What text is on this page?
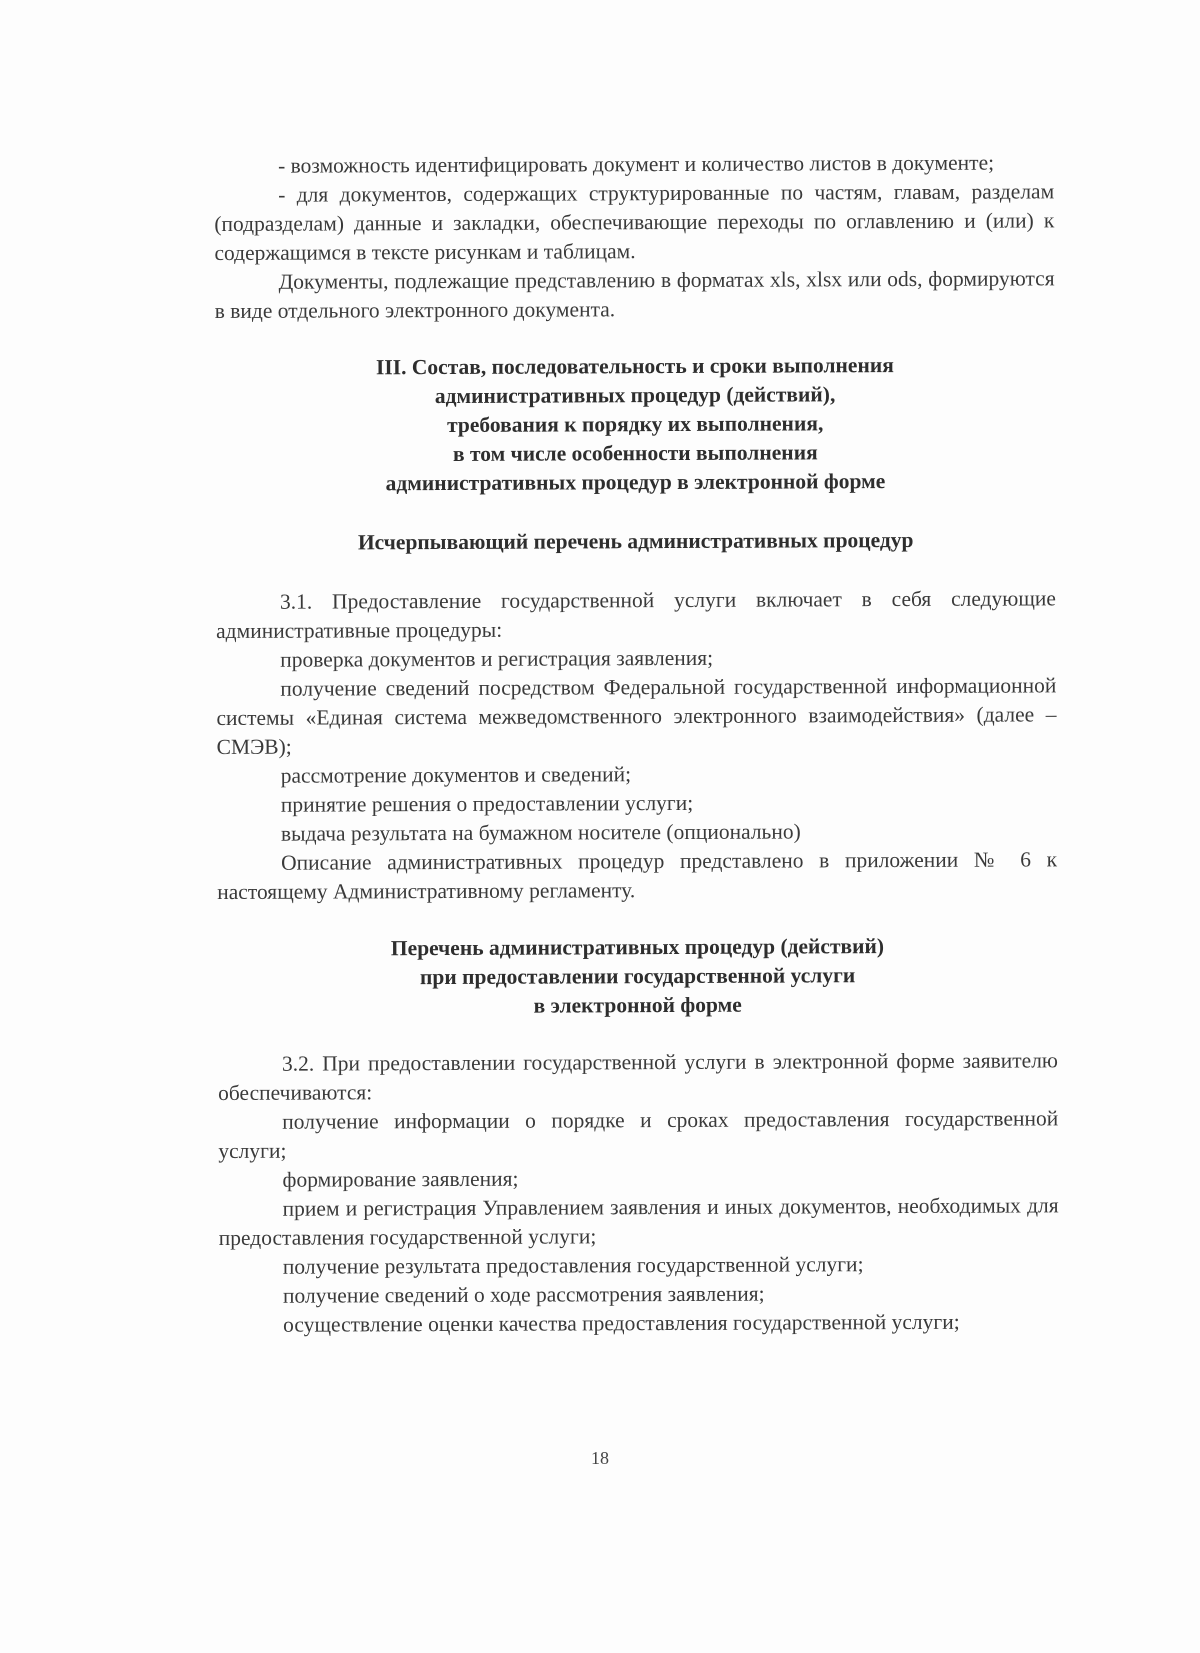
- возможность идентифицировать документ и количество листов в документе;

- для документов, содержащих структурированные по частям, главам, разделам (подразделам) данные и закладки, обеспечивающие переходы по оглавлению и (или) к содержащимся в тексте рисункам и таблицам.

Документы, подлежащие представлению в форматах xls, xlsx или ods, формируются в виде отдельного электронного документа.

III. Состав, последовательность и сроки выполнения
административных процедур (действий),
требования к порядку их выполнения,
в том числе особенности выполнения
административных процедур в электронной форме
Исчерпывающий перечень административных процедур

3.1. Предоставление государственной услуги включает в себя следующие административные процедуры:

проверка документов и регистрация заявления;

получение сведений посредством Федеральной государственной информационной системы «Единая система межведомственного электронного взаимодействия» (далее – СМЭВ);

рассмотрение документов и сведений;

принятие решения о предоставлении услуги;

выдача результата на бумажном носителе (опционально)

Описание административных процедур представлено в приложении № 6 к настоящему Административному регламенту.

Перечень административных процедур (действий)
при предоставлении государственной услуги
в электронной форме

3.2. При предоставлении государственной услуги в электронной форме заявителю обеспечиваются:

получение информации о порядке и сроках предоставления государственной услуги;

формирование заявления;

прием и регистрация Управлением заявления и иных документов, необходимых для предоставления государственной услуги;

получение результата предоставления государственной услуги;

получение сведений о ходе рассмотрения заявления;

осуществление оценки качества предоставления государственной услуги;

18
